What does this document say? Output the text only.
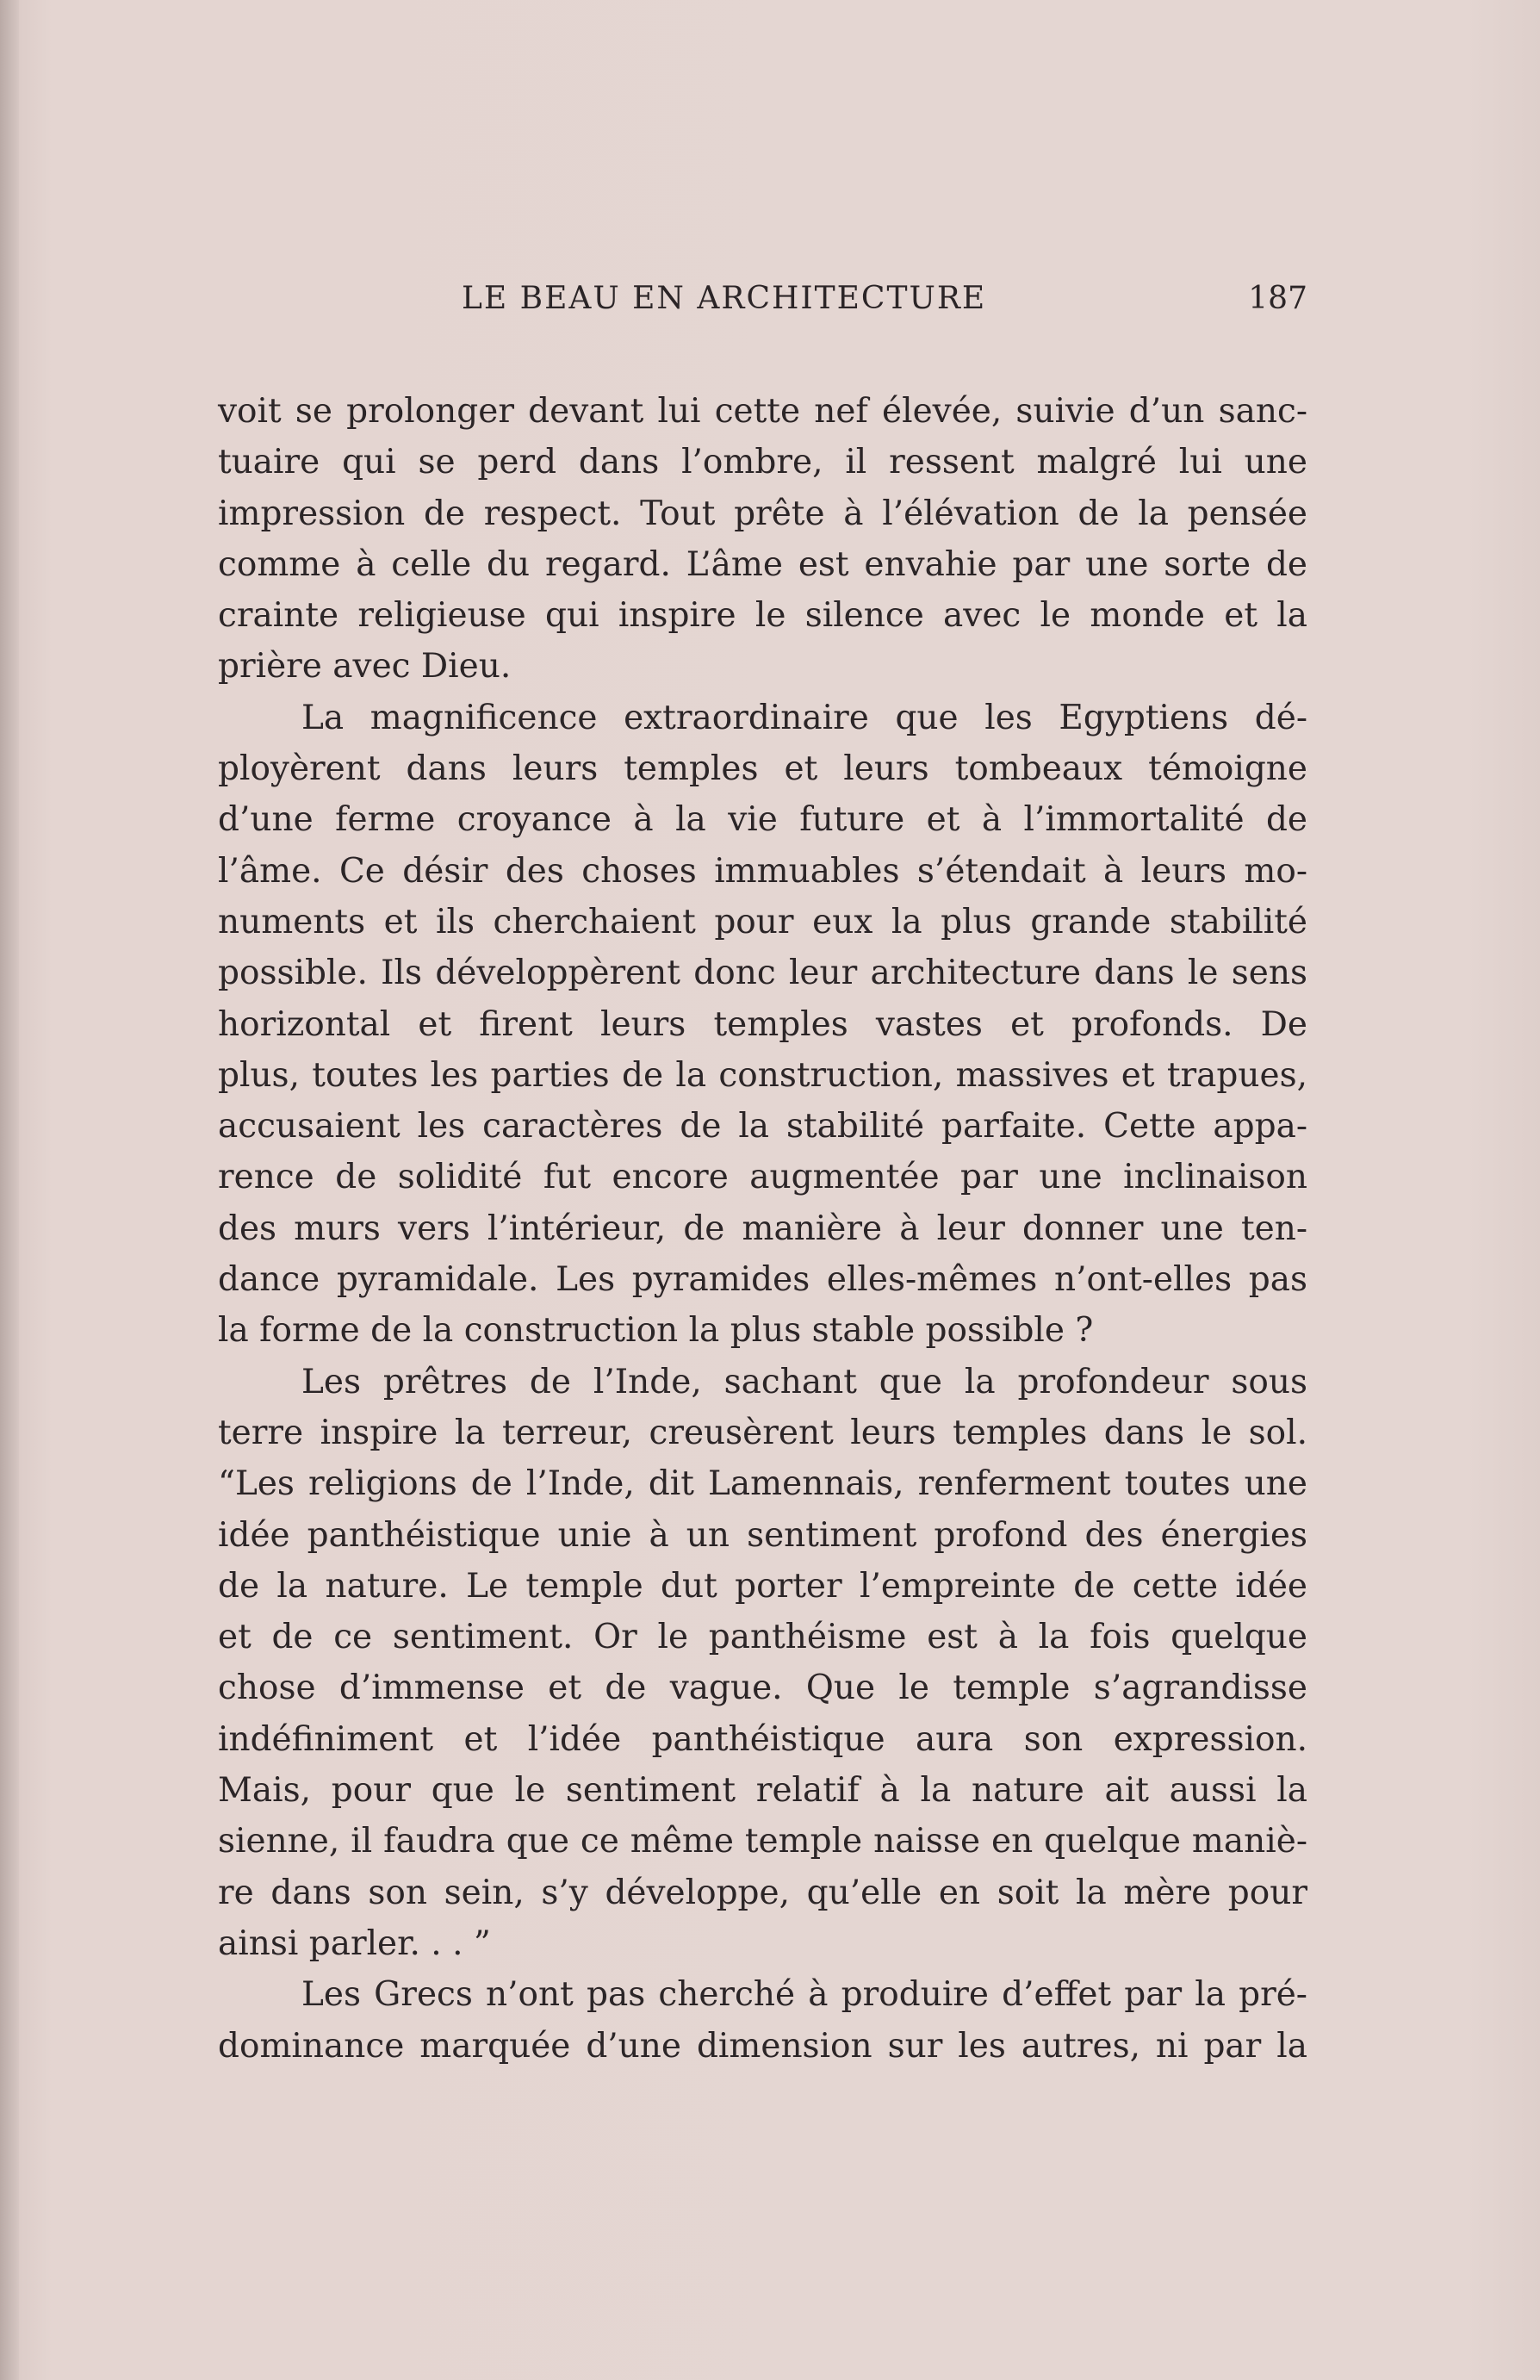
LE BEAU EN ARCHITECTURE	187
voit se prolonger devant lui cette nef élevée, suivie d’un sanc-
tuaire qui se perd dans l’ombre, il ressent malgré lui une
impression de respect. Tout prête à l’élévation de la pensée
comme à celle du regard. L’âme est envahie par une sorte de
crainte religieuse qui inspire le silence avec le monde et la
prière avec Dieu.
La magnificence extraordinaire que les Egyptiens dé-
ployèrent dans leurs temples et leurs tombeaux témoigne
d’une ferme croyance à la vie future et à l’immortalité de
l’âme. Ce désir des choses immuables s’étendait à leurs mo-
numents et ils cherchaient pour eux la plus grande stabilité
possible. Ils développèrent donc leur architecture dans le sens
horizontal et firent leurs temples vastes et profonds. De
plus, toutes les parties de la construction, massives et trapues,
accusaient les caractères de la stabilité parfaite. Cette appa-
rence de solidité fut encore augmentée par une inclinaison
des murs vers l’intérieur, de manière à leur donner une ten-
dance pyramidale. Les pyramides elles-mêmes n’ont-elles pas
la forme de la construction la plus stable possible ?
Les prêtres de l’Inde, sachant que la profondeur sous
terre inspire la terreur, creusèrent leurs temples dans le sol.
“Les religions de l’Inde, dit Lamennais, renferment toutes une
idée panthéistique unie à un sentiment profond des énergies
de la nature. Le temple dut porter l’empreinte de cette idée
et de ce sentiment. Or le panthéisme est à la fois quelque
chose d’immense et de vague. Que le temple s’agrandisse
indéfiniment et l’idée panthéistique aura son expression.
Mais, pour que le sentiment relatif à la nature ait aussi la
sienne, il faudra que ce même temple naisse en quelque maniè-
re dans son sein, s’y développe, qu’elle en soit la mère pour
ainsi parler. . . ”
Les Grecs n’ont pas cherché à produire d’effet par la pré-
dominance marquée d’une dimension sur les autres, ni par la
